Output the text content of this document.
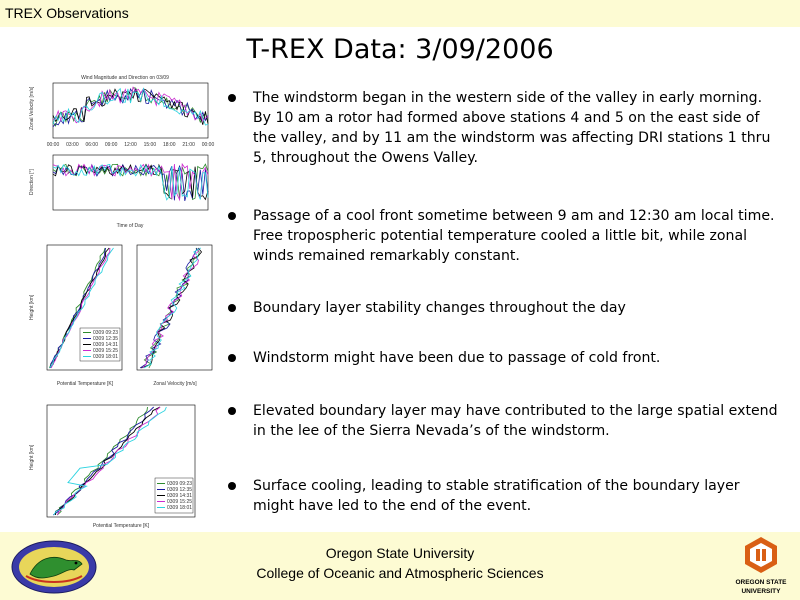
TREX Observations
T-REX Data: 3/09/2006
Wind Magnitude and Direction on 03/09
Zonal Velocity [m/s]
Direction [°]
Time of Day
00:00 03:00 06:00 09:00 12:00 15:00 18:00 21:00 00:00
Height [km]
Potential Temperature [K]	Zonal Velocity [m/s]
0309 09:23
0309 12:35
0309 14:31
0309 15:25
0309 18:01
Height [km]
Potential Temperature [K]
0309 09:23
0309 12:35
0309 14:31
0309 15:25
0309 18:01
The windstorm began in the western side of the valley in early morning. By 10 am a rotor had formed above stations 4 and 5 on the east side of the valley, and by 11 am the windstorm was affecting DRI stations 1 thru 5, throughout the Owens Valley.
Passage of a cool front sometime between 9 am and 12:30 am local time. Free tropospheric potential temperature cooled a little bit, while zonal winds remained remarkably constant.
Boundary layer stability changes throughout the day
Windstorm might have been due to passage of cold front.
Elevated boundary layer may have contributed to the large spatial extend in the lee of the Sierra Nevada’s of the windstorm.
Surface cooling, leading to stable stratification of the boundary layer might have led to the end of the event.
Oregon State University
College of Oceanic and Atmospheric Sciences
OREGON STATE
UNIVERSITY
